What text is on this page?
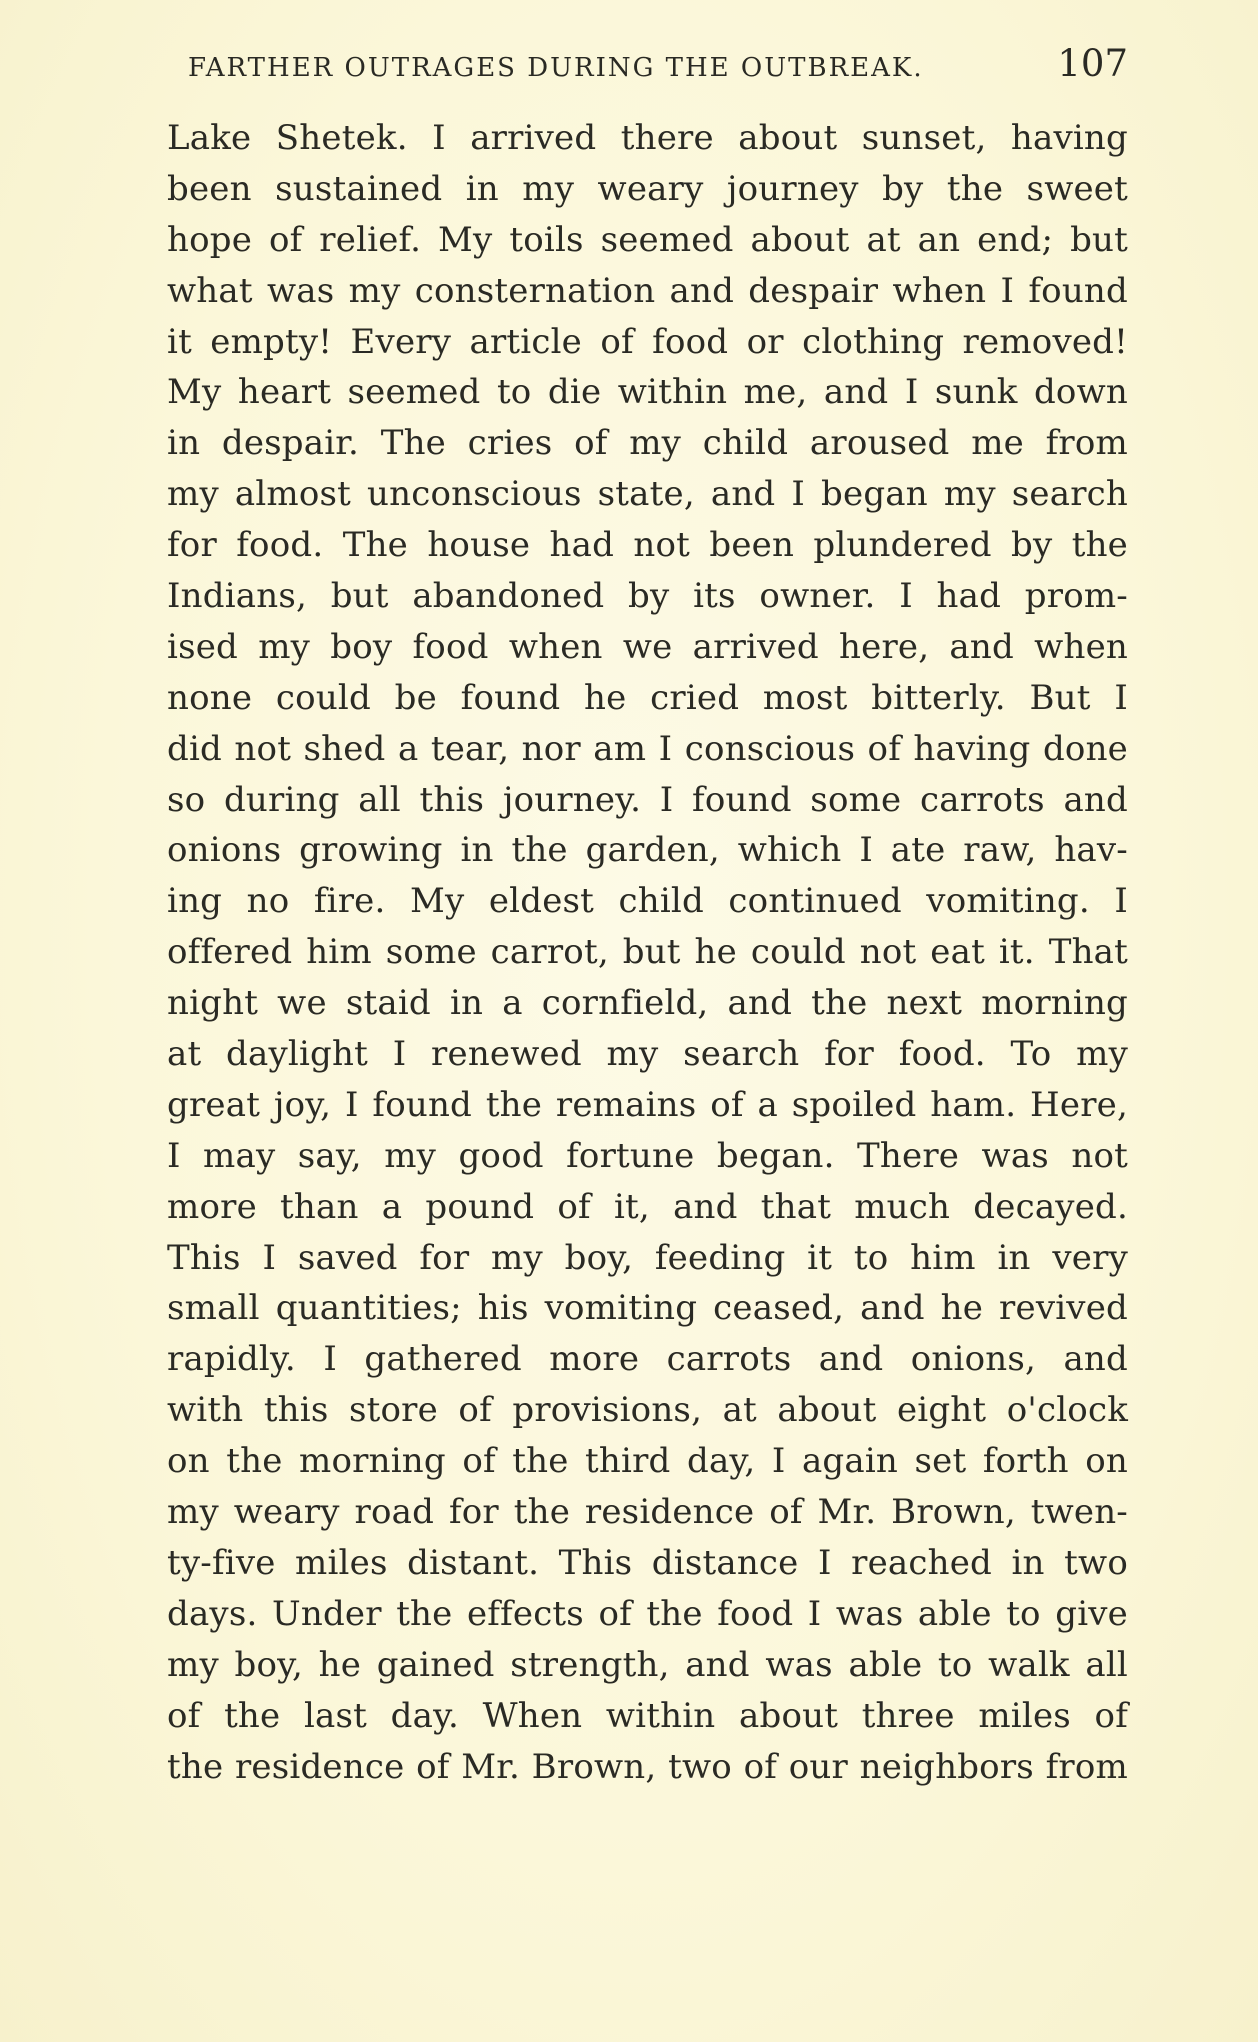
FARTHER OUTRAGES DURING THE OUTBREAK.	107
Lake Shetek. I arrived there about sunset, having
been sustained in my weary journey by the sweet
hope of relief. My toils seemed about at an end; but
what was my consternation and despair when I found
it empty! Every article of food or clothing removed!
My heart seemed to die within me, and I sunk down
in despair. The cries of my child aroused me from
my almost unconscious state, and I began my search
for food. The house had not been plundered by the
Indians, but abandoned by its owner. I had prom-
ised my boy food when we arrived here, and when
none could be found he cried most bitterly. But I
did not shed a tear, nor am I conscious of having done
so during all this journey. I found some carrots and
onions growing in the garden, which I ate raw, hav-
ing no fire. My eldest child continued vomiting. I
offered him some carrot, but he could not eat it. That
night we staid in a cornfield, and the next morning
at daylight I renewed my search for food. To my
great joy, I found the remains of a spoiled ham. Here,
I may say, my good fortune began. There was not
more than a pound of it, and that much decayed.
This I saved for my boy, feeding it to him in very
small quantities; his vomiting ceased, and he revived
rapidly. I gathered more carrots and onions, and
with this store of provisions, at about eight o'clock
on the morning of the third day, I again set forth on
my weary road for the residence of Mr. Brown, twen-
ty-five miles distant. This distance I reached in two
days. Under the effects of the food I was able to give
my boy, he gained strength, and was able to walk all
of the last day. When within about three miles of
the residence of Mr. Brown, two of our neighbors from
